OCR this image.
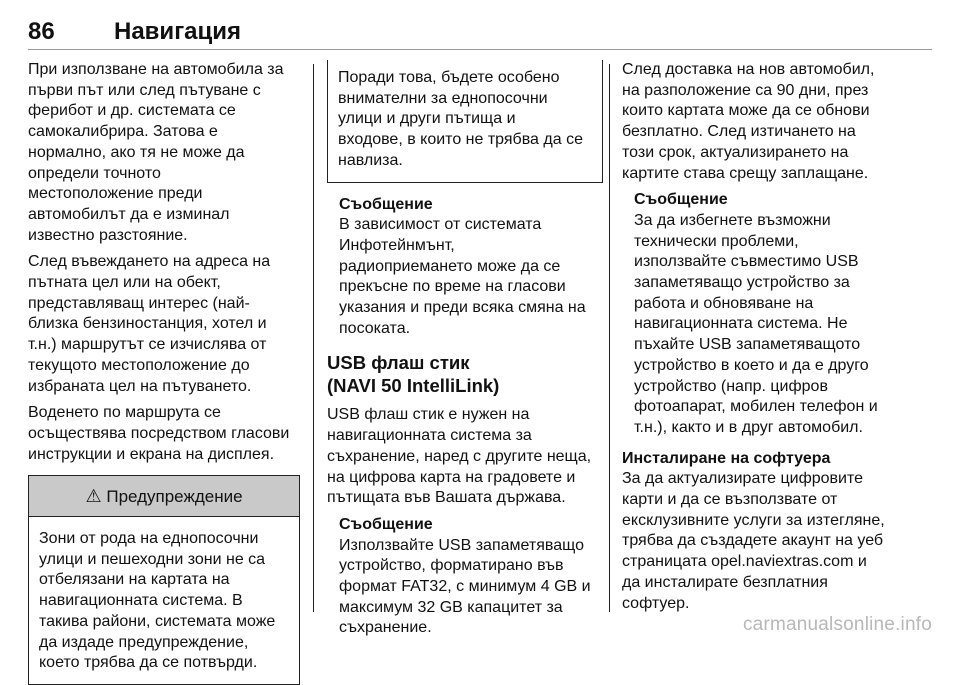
86 Навигация

При използване на автомобила за
първи път или след пътуване с
ферибот и др. системата се
самокалибрира. Затова е
нормално, ако тя не може да
определи точното
местоположение преди
автомобилът да е изминал
известно разстояние.

След въвеждането на адреса на
пътната цел или на обект,
представляващ интерес (най-
близка бензиностанция, хотел и
т.н.) маршрутът се изчислява от
текущото местоположение до
избраната цел на пътуването.

Воденето по маршрута се
осъществява посредством гласови
инструкции и екрана на дисплея.

⚠ Предупреждение
Зони от рода на еднопосочни
улици и пешеходни зони не са
отбелязани на картата на
навигационната система. В
такива райони, системата може
да издаде предупреждение,
което трябва да се потвърди.
Поради това, бъдете особено
внимателни за еднопосочни
улици и други пътища и
входове, в които не трябва да се
навлиза.
Съобщение
В зависимост от системата
Инфотейнмънт,
радиоприемането може да се
прекъсне по време на гласови
указания и преди всяка смяна на
посоката.
USB флаш стик
(NAVI 50 IntelliLink)

USB флаш стик е нужен на
навигационната система за
съхранение, наред с другите неща,
на цифрова карта на градовете и
пътищата във Вашата държава.

Съобщение
Използвайте USB запаметяващо
устройство, форматирано във
формат FAT32, с минимум 4 GB и
максимум 32 GB капацитет за
съхранение.

След доставка на нов автомобил,
на разположение са 90 дни, през
които картата може да се обнови
безплатно. След изтичането на
този срок, актуализирането на
картите става срещу заплащане.

Съобщение
За да избегнете възможни
технически проблеми,
използвайте съвместимо USB
запаметяващо устройство за
работа и обновяване на
навигационната система. Не
пъхайте USB запаметяващото
устройство в което и да е друго
устройство (напр. цифров
фотоапарат, мобилен телефон и
т.н.), както и в друг автомобил.
Инсталиране на софтуера

За да актуализирате цифровите
карти и да се възползвате от
ексклузивните услуги за изтегляне,
трябва да създадете акаунт на уеб
страницата opel.naviextras.com и
да инсталирате безплатния
софтуер.

carmanualsonline.info
